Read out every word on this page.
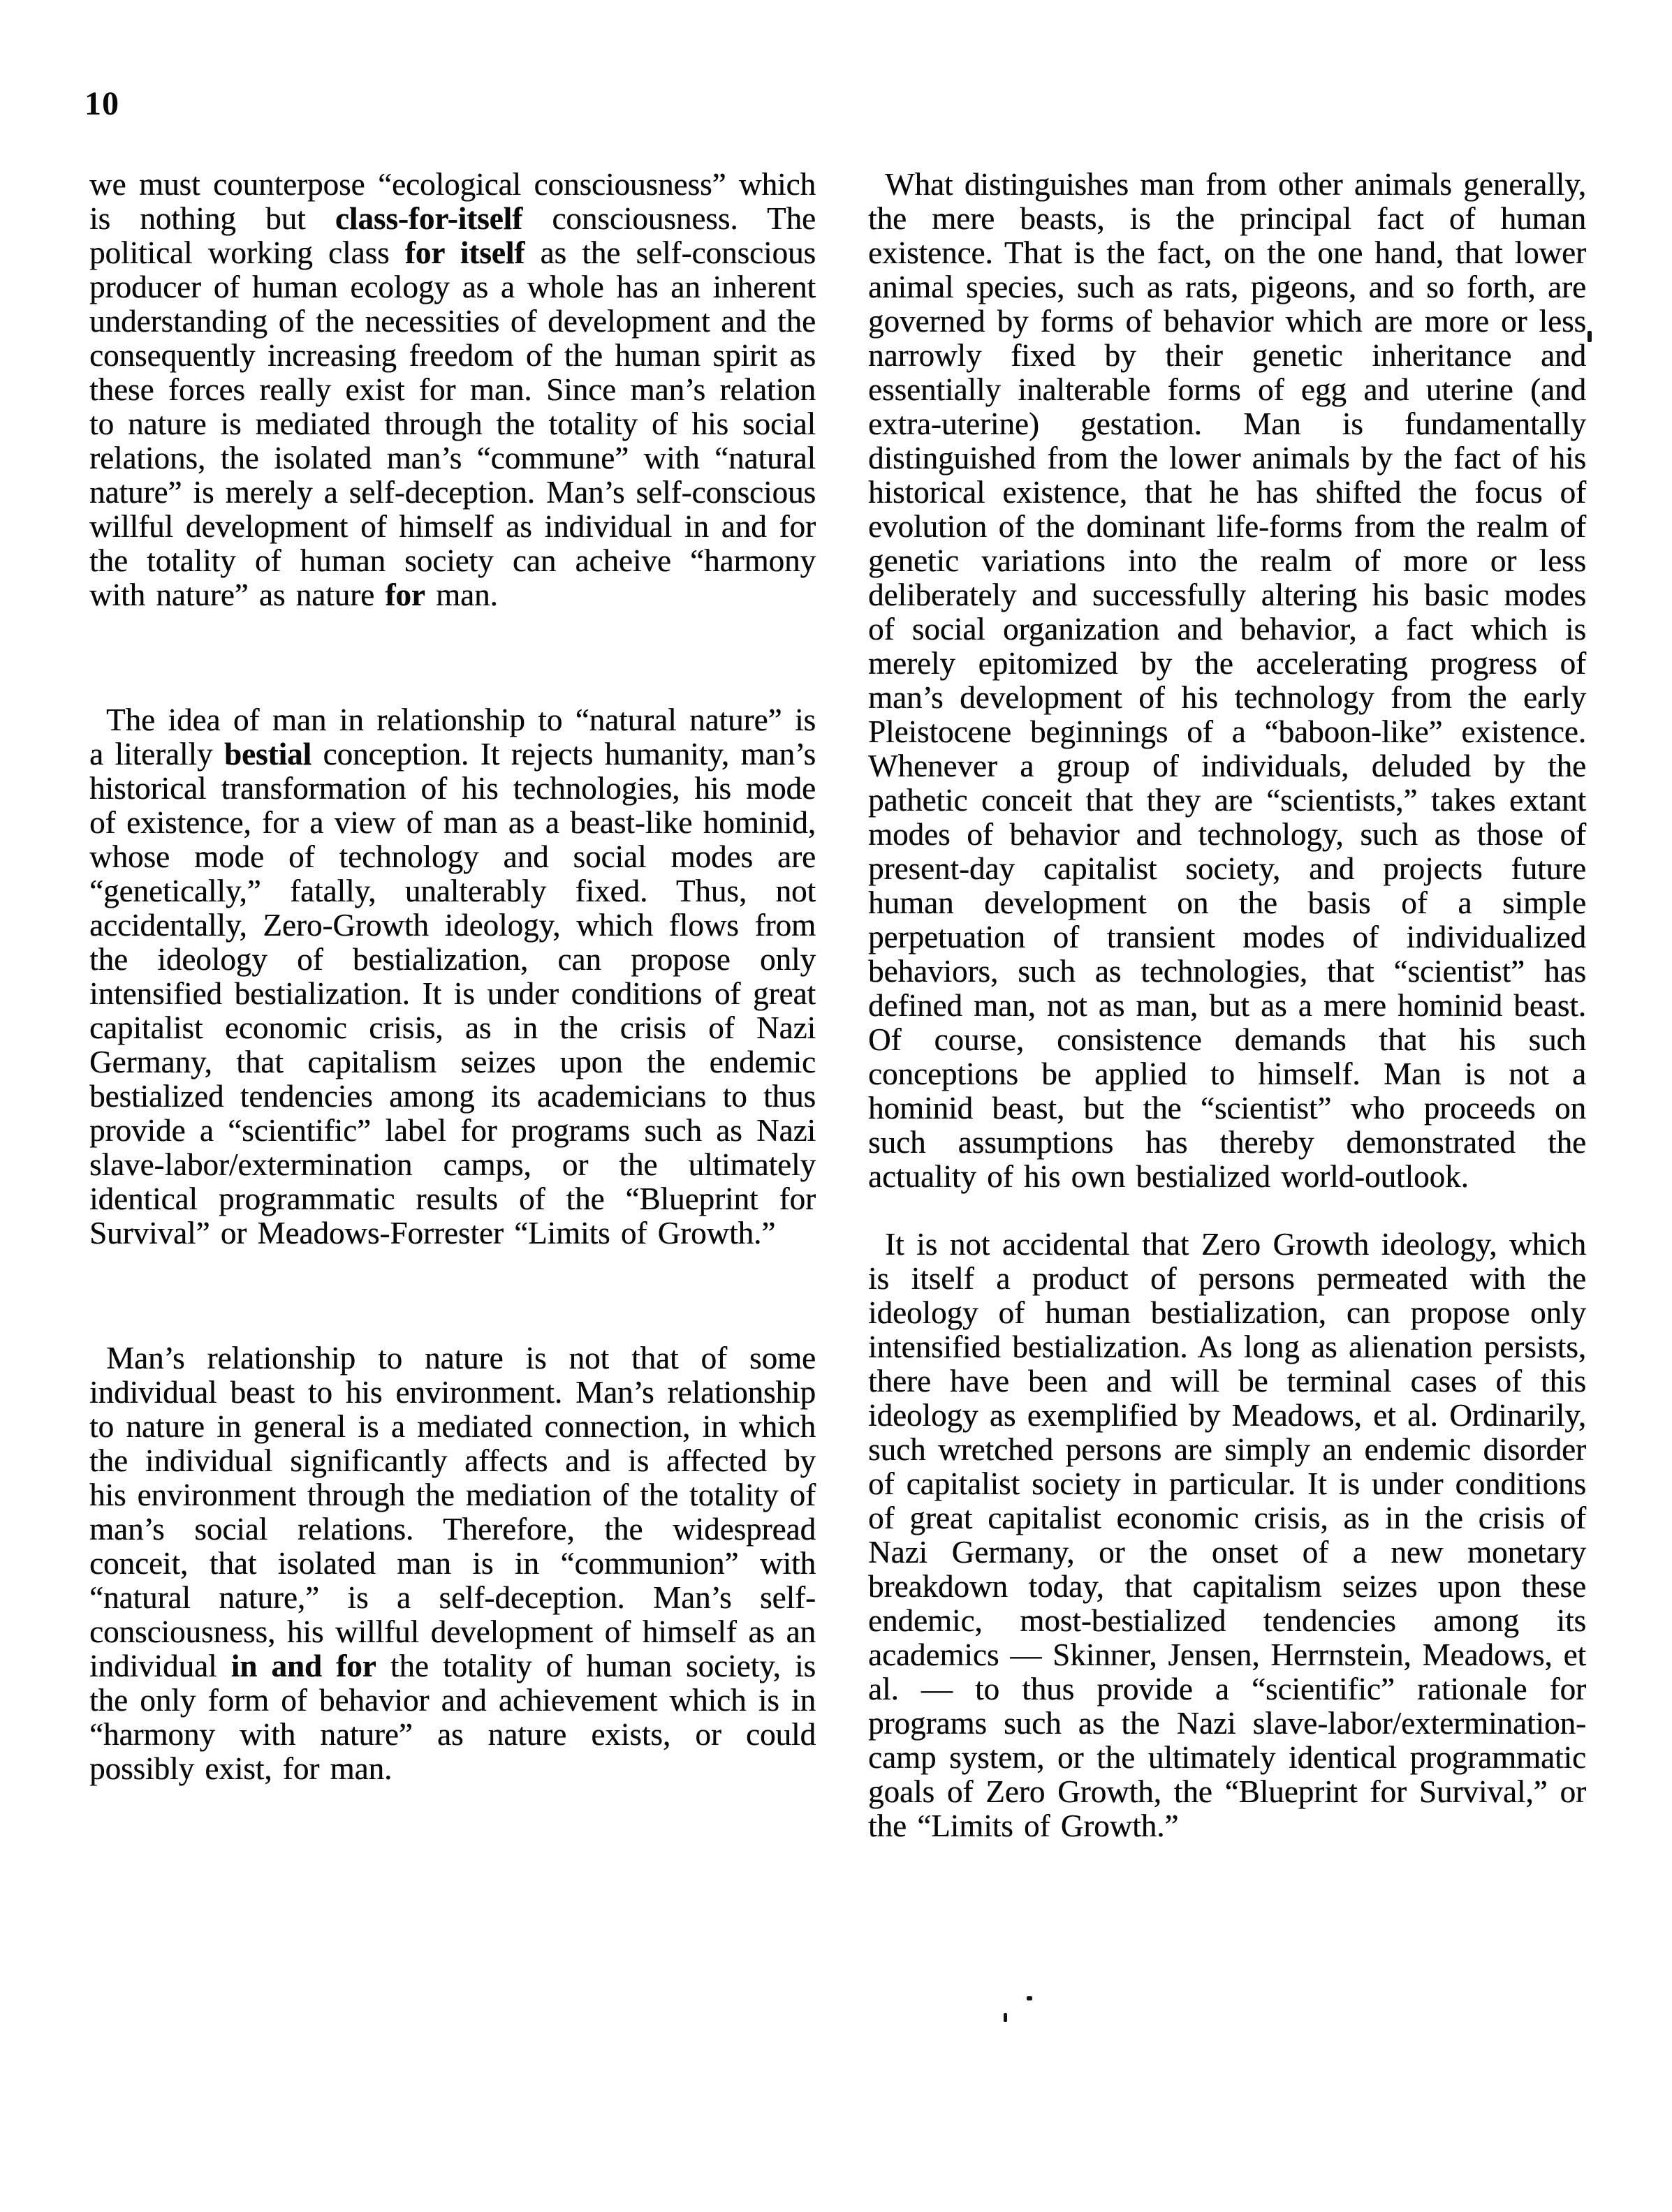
10

we must counterpose “ecological consciousness” which is nothing but class-for-itself consciousness. The political working class for itself as the self-conscious producer of human ecology as a whole has an inherent understanding of the necessities of development and the consequently increasing freedom of the human spirit as these forces really exist for man. Since man’s relation to nature is mediated through the totality of his social relations, the isolated man’s “commune” with “natural nature” is merely a self-deception. Man’s self-conscious willful development of himself as individual in and for the totality of human society can acheive “harmony with nature” as nature for man.

The idea of man in relationship to “natural nature” is a literally bestial conception. It rejects humanity, man’s historical transformation of his technologies, his mode of existence, for a view of man as a beast-like hominid, whose mode of technology and social modes are “genetically,” fatally, unalterably fixed. Thus, not accidentally, Zero-Growth ideology, which flows from the ideology of bestialization, can propose only intensified bestialization. It is under conditions of great capitalist economic crisis, as in the crisis of Nazi Germany, that capitalism seizes upon the endemic bestialized tendencies among its academicians to thus provide a “scientific” label for programs such as Nazi slave-labor/extermination camps, or the ultimately identical programmatic results of the “Blueprint for Survival” or Meadows-Forrester “Limits of Growth.”

Man’s relationship to nature is not that of some individual beast to his environment. Man’s relationship to nature in general is a mediated connection, in which the individual significantly affects and is affected by his environment through the mediation of the totality of man’s social relations. Therefore, the widespread conceit, that isolated man is in “communion” with “natural nature,” is a self-deception. Man’s self-consciousness, his willful development of himself as an individual in and for the totality of human society, is the only form of behavior and achievement which is in “harmony with nature” as nature exists, or could possibly exist, for man.

What distinguishes man from other animals generally, the mere beasts, is the principal fact of human existence. That is the fact, on the one hand, that lower animal species, such as rats, pigeons, and so forth, are governed by forms of behavior which are more or less narrowly fixed by their genetic inheritance and essentially inalterable forms of egg and uterine (and extra-uterine) gestation. Man is fundamentally distinguished from the lower animals by the fact of his historical existence, that he has shifted the focus of evolution of the dominant life-forms from the realm of genetic variations into the realm of more or less deliberately and successfully altering his basic modes of social organization and behavior, a fact which is merely epitomized by the accelerating progress of man’s development of his technology from the early Pleistocene beginnings of a “baboon-like” existence. Whenever a group of individuals, deluded by the pathetic conceit that they are “scientists,” takes extant modes of behavior and technology, such as those of present-day capitalist society, and projects future human development on the basis of a simple perpetuation of transient modes of individualized behaviors, such as technologies, that “scientist” has defined man, not as man, but as a mere hominid beast. Of course, consistence demands that his such conceptions be applied to himself. Man is not a hominid beast, but the “scientist” who proceeds on such assumptions has thereby demonstrated the actuality of his own bestialized world-outlook.

It is not accidental that Zero Growth ideology, which is itself a product of persons permeated with the ideology of human bestialization, can propose only intensified bestialization. As long as alienation persists, there have been and will be terminal cases of this ideology as exemplified by Meadows, et al. Ordinarily, such wretched persons are simply an endemic disorder of capitalist society in particular. It is under conditions of great capitalist economic crisis, as in the crisis of Nazi Germany, or the onset of a new monetary breakdown today, that capitalism seizes upon these endemic, most-bestialized tendencies among its academics — Skinner, Jensen, Herrnstein, Meadows, et al. — to thus provide a “scientific” rationale for programs such as the Nazi slave-labor/extermination-camp system, or the ultimately identical programmatic goals of Zero Growth, the “Blueprint for Survival,” or the “Limits of Growth.”
